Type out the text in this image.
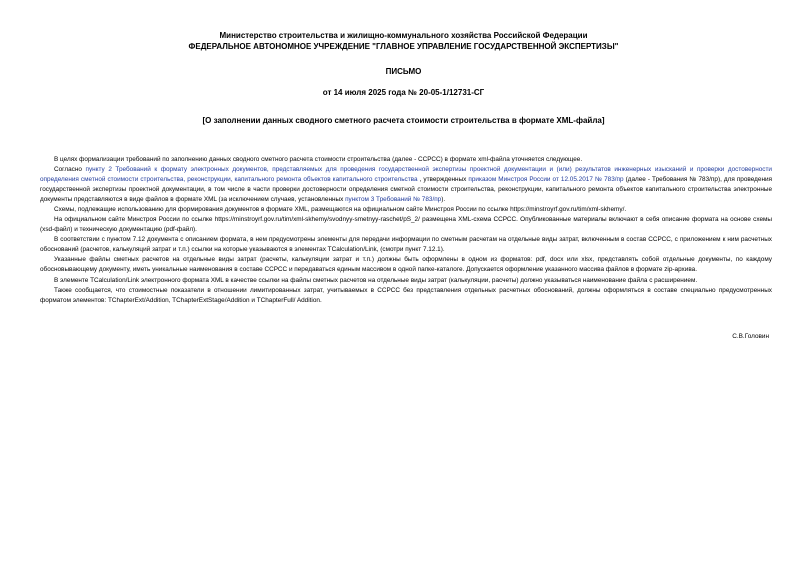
Министерство строительства и жилищно-коммунального хозяйства Российской Федерации
ФЕДЕРАЛЬНОЕ АВТОНОМНОЕ УЧРЕЖДЕНИЕ "ГЛАВНОЕ УПРАВЛЕНИЕ ГОСУДАРСТВЕННОЙ ЭКСПЕРТИЗЫ"
ПИСЬМО
от 14 июля 2025 года № 20-05-1/12731-СГ
[О заполнении данных сводного сметного расчета стоимости строительства в формате XML-файла]

В целях формализации требований по заполнению данных сводного сметного расчета стоимости строительства (далее - ССРСС) в формате xml-файла уточняется следующее.

Согласно пункту 2 Требований к формату электронных документов, представляемых для проведения государственной экспертизы проектной документации и (или) результатов инженерных изысканий и проверки достоверности определения сметной стоимости строительства, реконструкции, капитального ремонта объектов капитального строительства , утвержденных приказом Минстроя России от 12.05.2017 № 783/пр (далее - Требования № 783/пр), для проведения государственной экспертизы проектной документации, в том числе в части проверки достоверности определения сметной стоимости строительства, реконструкции, капитального ремонта объектов капитального строительства электронные документы представляются в виде файлов в формате XML (за исключением случаев, установленных пунктом 3 Требований № 783/пр).

Схемы, подлежащие использованию для формирования документов в формате XML, размещаются на официальном сайте Минстроя России по ссылке https://minstroyrf.gov.ru/tim/xml-skhemy/.

На официальном сайте Минстроя России по ссылке https://minstroyrf.gov.ru/tim/xml-skhemy/svodnyy-smetnyy-raschet/pS_2/ размещена XML-схема ССРСС. Опубликованные материалы включают в себя описание формата на основе схемы (xsd-файл) и техническую документацию (pdf-файл).

В соответствии с пунктом 7.12 документа с описанием формата, в нем предусмотрены элементы для передачи информации по сметным расчетам на отдельные виды затрат, включенным в состав ССРСС, с приложением к ним расчетных обоснований (расчетов, калькуляций затрат и т.п.) ссылки на которые указываются в элементах TCalculation/Link, (смотри пункт 7.12.1).

Указанные файлы сметных расчетов на отдельные виды затрат (расчеты, калькуляции затрат и т.п.) должны быть оформлены в одном из форматов: pdf, docx или xlsx, представлять собой отдельные документы, по каждому обосновывающему документу, иметь уникальные наименования в составе ССРСС и передаваться единым массивом в одной папке-каталоге. Допускается оформление указанного массива файлов в формате zip-архива.

В элементе TCalculation/Link электронного формата XML в качестве ссылки на файлы сметных расчетов на отдельные виды затрат (калькуляции, расчеты) должно указываться наименование файла с расширением.

Также сообщается, что стоимостные показатели в отношении лимитированных затрат, учитываемых в ССРСС без представления отдельных расчетных обоснований, должны оформляться в составе специально предусмотренных форматом элементов: TChapterExt/Addition, TChapterExtStage/Addition и TChapterFull/ Addition.

С.В.Головин
